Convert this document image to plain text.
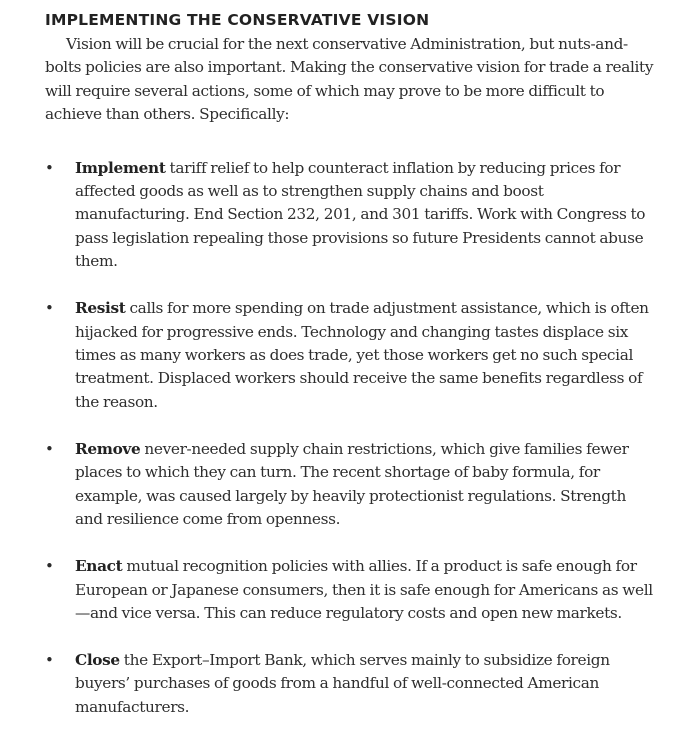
IMPLEMENTING THE CONSERVATIVE VISION

Vision will be crucial for the next conservative Administration, but nuts-and-bolts policies are also important. Making the conservative vision for trade a reality will require several actions, some of which may prove to be more difficult to achieve than others. Specifically:

• Implement tariff relief to help counteract inflation by reducing prices for affected goods as well as to strengthen supply chains and boost manufacturing. End Section 232, 201, and 301 tariffs. Work with Congress to pass legislation repealing those provisions so future Presidents cannot abuse them.
• Resist calls for more spending on trade adjustment assistance, which is often hijacked for progressive ends. Technology and changing tastes displace six times as many workers as does trade, yet those workers get no such special treatment. Displaced workers should receive the same benefits regardless of the reason.
• Remove never-needed supply chain restrictions, which give families fewer places to which they can turn. The recent shortage of baby formula, for example, was caused largely by heavily protectionist regulations. Strength and resilience come from openness.
• Enact mutual recognition policies with allies. If a product is safe enough for European or Japanese consumers, then it is safe enough for Americans as well—and vice versa. This can reduce regulatory costs and open new markets.
• Close the Export–Import Bank, which serves mainly to subsidize foreign buyers’ purchases of goods from a handful of well-connected American manufacturers.
